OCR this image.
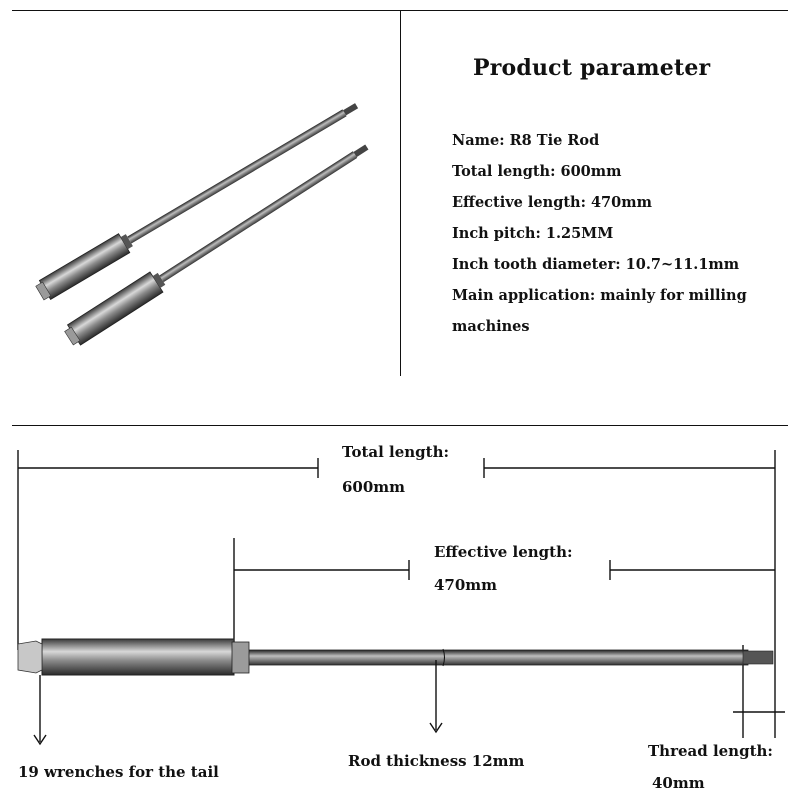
Product parameter
Name: R8 Tie Rod
Total length: 600mm
Effective length: 470mm
Inch pitch: 1.25MM
Inch tooth diameter: 10.7~11.1mm
Main application: mainly for milling
machines
Total length:
600mm
Effective length:
470mm
19 wrenches for the tail
Rod thickness 12mm
Thread length:
40mm
